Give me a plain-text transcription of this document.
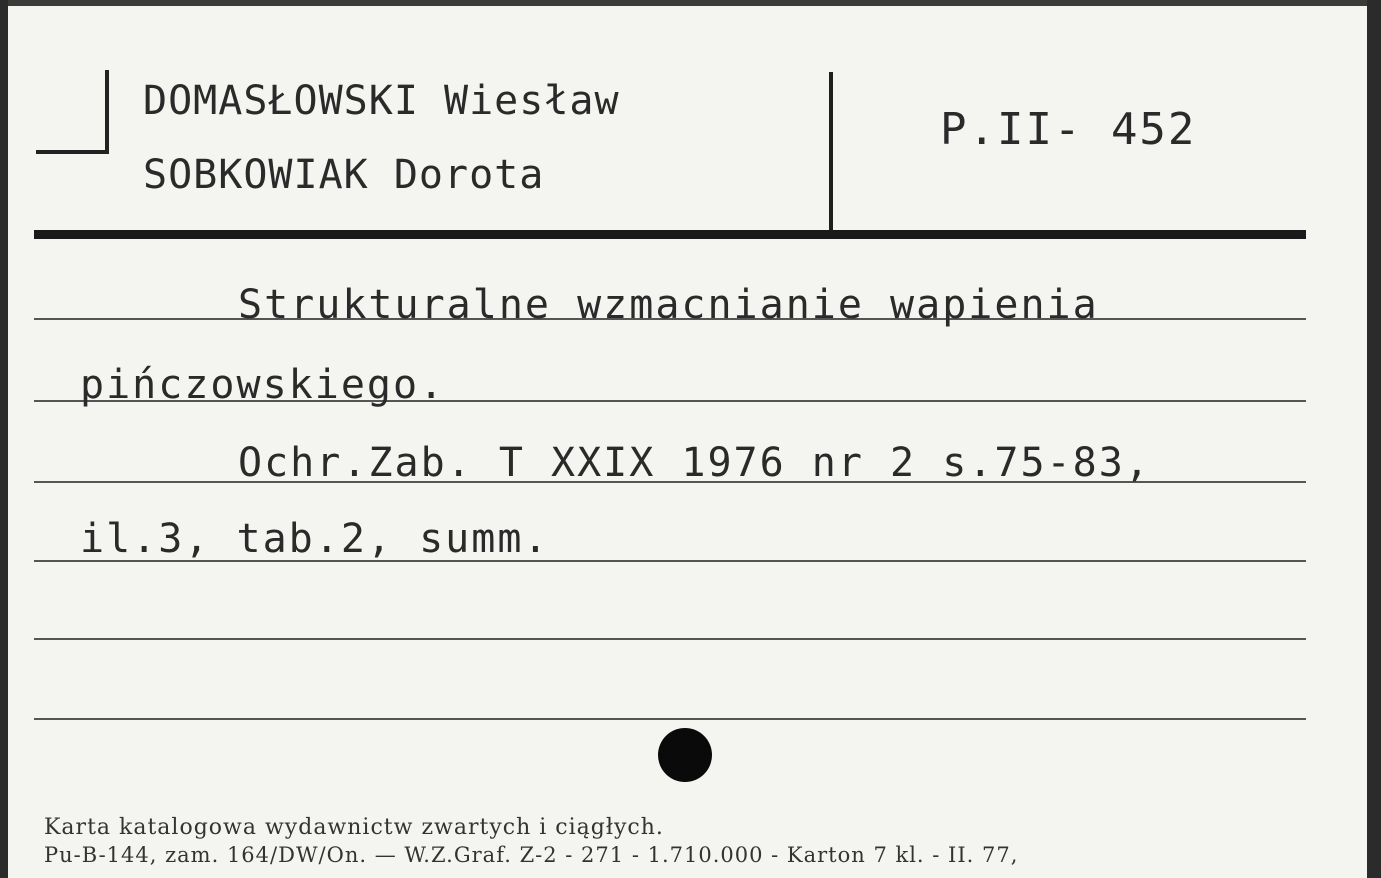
DOMASŁOWSKI Wiesław
SOBKOWIAK Dorota
P.II- 452
Strukturalne wzmacnianie wapienia
pińczowskiego.
Ochr.Zab. T XXIX 1976 nr 2 s.75-83,
il.3, tab.2, summ.
Karta katalogowa wydawnictw zwartych i ciągłych.
Pu-B-144, zam. 164/DW/On. — W.Z.Graf. Z-2 - 271 - 1.710.000 - Karton 7 kl. - II. 77,
